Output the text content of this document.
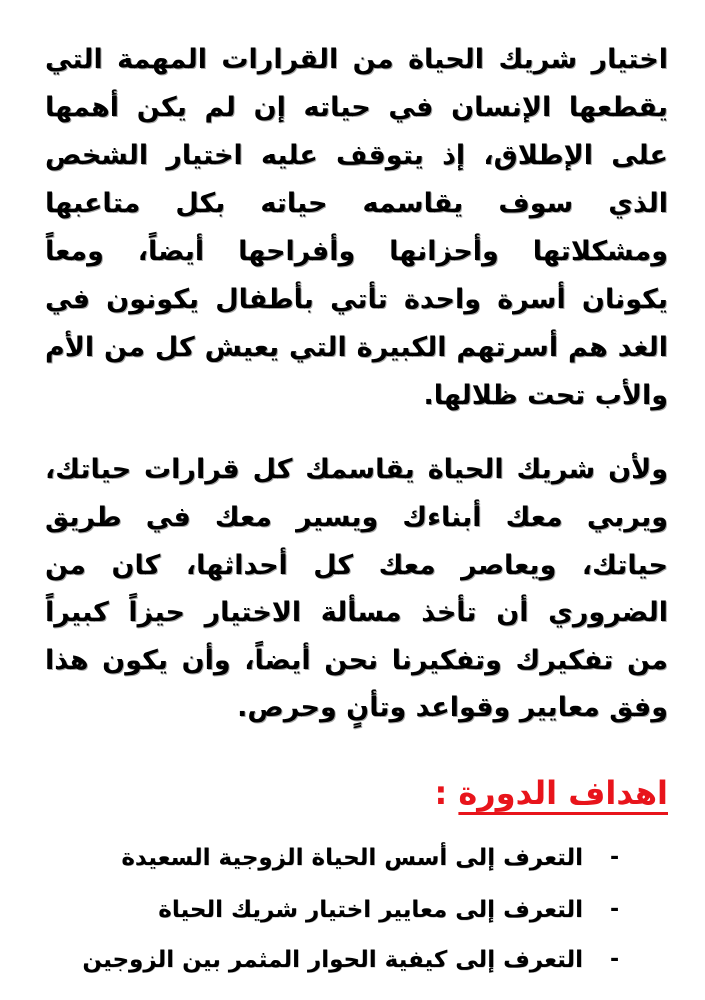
اختيار شريك الحياة من القرارات المهمة التي
يقطعها الإنسان في حياته إن لم يكن أهمها
على الإطلاق، إذ يتوقف عليه اختيار الشخص
الذي سوف يقاسمه حياته بكل متاعبها
ومشكلاتها وأحزانها وأفراحها أيضاً، ومعاً
يكونان أسرة واحدة تأتي بأطفال يكونون في
الغد هم أسرتهم الكبيرة التي يعيش كل من الأم
والأب تحت ظلالها.
ولأن شريك الحياة يقاسمك كل قرارات حياتك،
ويربي معك أبناءك ويسير معك في طريق
حياتك، ويعاصر معك كل أحداثها، كان من
الضروري أن تأخذ مسألة الاختيار حيزاً كبيراً
من تفكيرك وتفكيرنا نحن أيضاً، وأن يكون هذا
وفق معايير وقواعد وتأنٍ وحرص.
اهداف الدورة :
-
التعرف إلى أسس الحياة الزوجية السعيدة
-
التعرف إلى معايير اختيار شريك الحياة
-
التعرف إلى كيفية الحوار المثمر بين الزوجين
